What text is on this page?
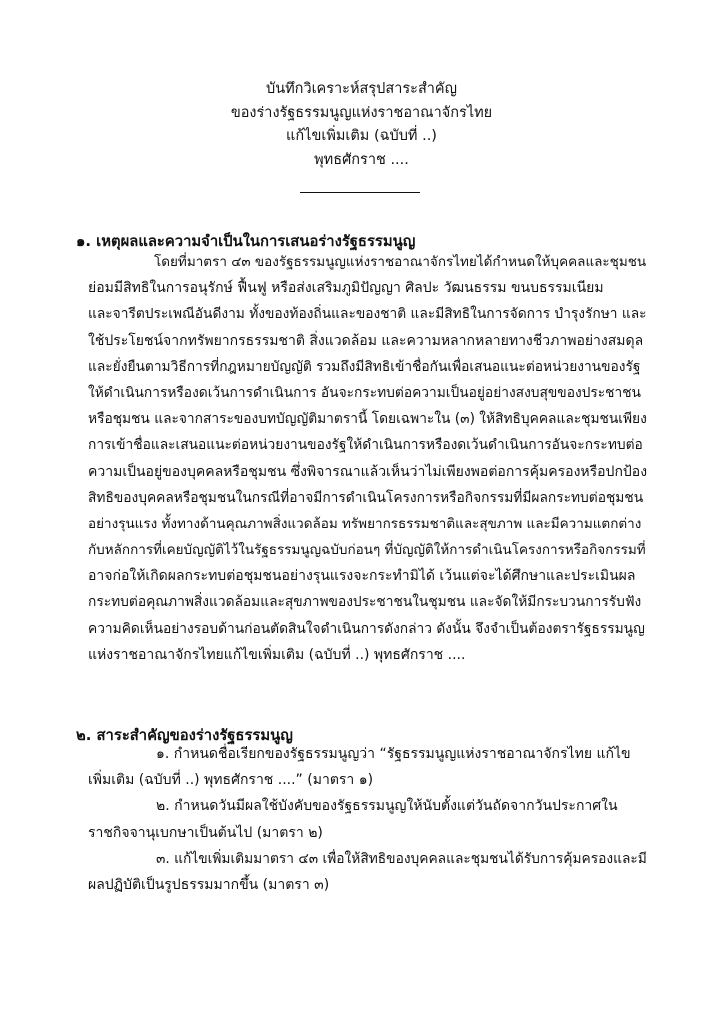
บันทึกวิเคราะห์สรุปสาระสำคัญ
ของร่างรัฐธรรมนูญแห่งราชอาณาจักรไทย
แก้ไขเพิ่มเติม (ฉบับที่ ..)
พุทธศักราช ....
๑. เหตุผลและความจำเป็นในการเสนอร่างรัฐธรรมนูญ
โดยที่มาตรา ๔๓ ของรัฐธรรมนูญแห่งราชอาณาจักรไทยได้กำหนดให้บุคคลและชุมชน
ย่อมมีสิทธิในการอนุรักษ์ ฟื้นฟู หรือส่งเสริมภูมิปัญญา ศิลปะ วัฒนธรรม ขนบธรรมเนียม
และจารีตประเพณีอันดีงาม ทั้งของท้องถิ่นและของชาติ และมีสิทธิในการจัดการ บำรุงรักษา และ
ใช้ประโยชน์จากทรัพยากรธรรมชาติ สิ่งแวดล้อม และความหลากหลายทางชีวภาพอย่างสมดุล
และยั่งยืนตามวิธีการที่กฎหมายบัญญัติ รวมถึงมีสิทธิเข้าชื่อกันเพื่อเสนอแนะต่อหน่วยงานของรัฐ
ให้ดำเนินการหรืองดเว้นการดำเนินการ อันจะกระทบต่อความเป็นอยู่อย่างสงบสุขของประชาชน
หรือชุมชน และจากสาระของบทบัญญัติมาตรานี้ โดยเฉพาะใน (๓) ให้สิทธิบุคคลและชุมชนเพียง
การเข้าชื่อและเสนอแนะต่อหน่วยงานของรัฐให้ดำเนินการหรืองดเว้นดำเนินการอันจะกระทบต่อ
ความเป็นอยู่ของบุคคลหรือชุมชน ซึ่งพิจารณาแล้วเห็นว่าไม่เพียงพอต่อการคุ้มครองหรือปกป้อง
สิทธิของบุคคลหรือชุมชนในกรณีที่อาจมีการดำเนินโครงการหรือกิจกรรมที่มีผลกระทบต่อชุมชน
อย่างรุนแรง ทั้งทางด้านคุณภาพสิ่งแวดล้อม ทรัพยากรธรรมชาติและสุขภาพ และมีความแตกต่าง
กับหลักการที่เคยบัญญัติไว้ในรัฐธรรมนูญฉบับก่อนๆ ที่บัญญัติให้การดำเนินโครงการหรือกิจกรรมที่
อาจก่อให้เกิดผลกระทบต่อชุมชนอย่างรุนแรงจะกระทำมิได้ เว้นแต่จะได้ศึกษาและประเมินผล
กระทบต่อคุณภาพสิ่งแวดล้อมและสุขภาพของประชาชนในชุมชน และจัดให้มีกระบวนการรับฟัง
ความคิดเห็นอย่างรอบด้านก่อนตัดสินใจดำเนินการดังกล่าว ดังนั้น จึงจำเป็นต้องตรารัฐธรรมนูญ
แห่งราชอาณาจักรไทยแก้ไขเพิ่มเติม (ฉบับที่ ..) พุทธศักราช ....
๒. สาระสำคัญของร่างรัฐธรรมนูญ
๑. กำหนดชื่อเรียกของรัฐธรรมนูญว่า “รัฐธรรมนูญแห่งราชอาณาจักรไทย แก้ไข
เพิ่มเติม (ฉบับที่ ..) พุทธศักราช ....” (มาตรา ๑)
๒. กำหนดวันมีผลใช้บังคับของรัฐธรรมนูญให้นับตั้งแต่วันถัดจากวันประกาศใน
ราชกิจจานุเบกษาเป็นต้นไป (มาตรา ๒)
๓. แก้ไขเพิ่มเติมมาตรา ๔๓ เพื่อให้สิทธิของบุคคลและชุมชนได้รับการคุ้มครองและมี
ผลปฏิบัติเป็นรูปธรรมมากขึ้น (มาตรา ๓)
